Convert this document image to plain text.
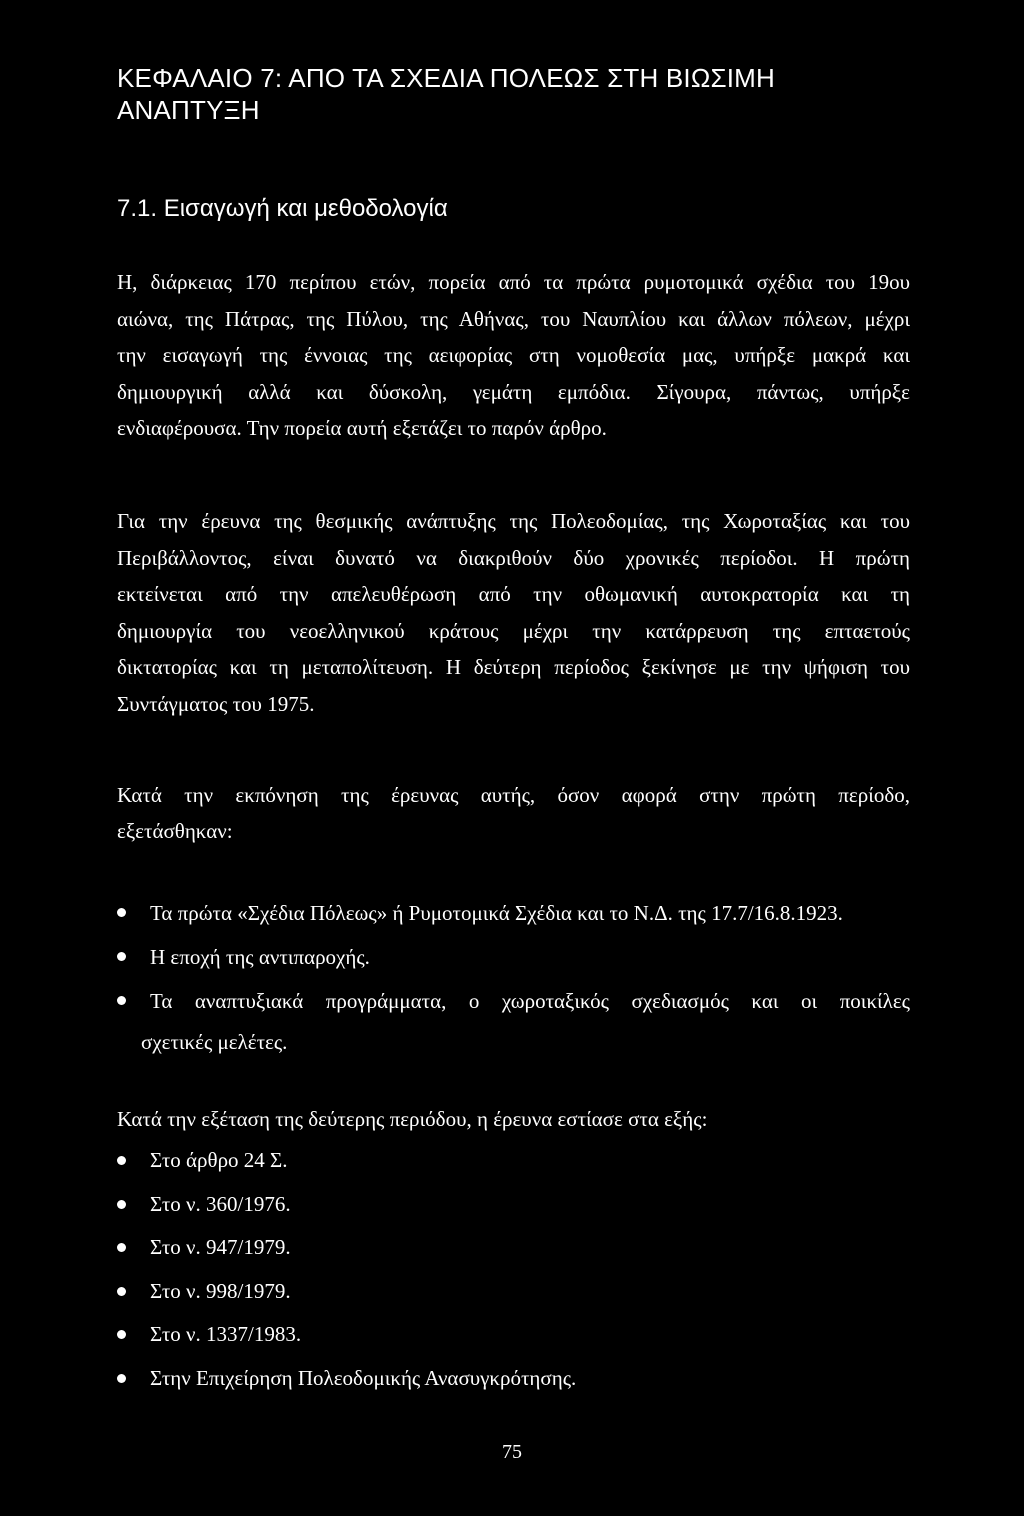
ΚΕΦΑΛΑΙΟ 7: ΑΠΟ ΤΑ ΣΧΕΔΙΑ ΠΟΛΕΩΣ ΣΤΗ ΒΙΩΣΙΜΗ
ΑΝΑΠΤΥΞΗ
7.1. Εισαγωγή και μεθοδολογία

Η, διάρκειας 170 περίπου ετών, πορεία από τα πρώτα ρυμοτομικά σχέδια του 19ου
αιώνα, της Πάτρας, της Πύλου, της Αθήνας, του Ναυπλίου και άλλων πόλεων, μέχρι
την εισαγωγή της έννοιας της αειφορίας στη νομοθεσία μας, υπήρξε μακρά και
δημιουργική αλλά και δύσκολη, γεμάτη εμπόδια. Σίγουρα, πάντως, υπήρξε
ενδιαφέρουσα. Την πορεία αυτή εξετάζει το παρόν άρθρο.

Για την έρευνα της θεσμικής ανάπτυξης της Πολεοδομίας, της Χωροταξίας και του
Περιβάλλοντος, είναι δυνατό να διακριθούν δύο χρονικές περίοδοι. Η πρώτη
εκτείνεται από την απελευθέρωση από την οθωμανική αυτοκρατορία και τη
δημιουργία του νεοελληνικού κράτους μέχρι την κατάρρευση της επταετούς
δικτατορίας και τη μεταπολίτευση. Η δεύτερη περίοδος ξεκίνησε με την ψήφιση του
Συντάγματος του 1975.

Κατά την εκπόνηση της έρευνας αυτής, όσον αφορά στην πρώτη περίοδο,
εξετάσθηκαν:

Τα πρώτα «Σχέδια Πόλεως» ή Ρυμοτομικά Σχέδια και το Ν.Δ. της 17.7/16.8.1923.
Η εποχή της αντιπαροχής.
Τα αναπτυξιακά προγράμματα, ο χωροταξικός σχεδιασμός και οι ποικίλες
σχετικές μελέτες.

Κατά την εξέταση της δεύτερης περιόδου, η έρευνα εστίασε στα εξής:

Στο άρθρο 24 Σ.
Στο ν. 360/1976.
Στο ν. 947/1979.
Στο ν. 998/1979.
Στο ν. 1337/1983.
Στην Επιχείρηση Πολεοδομικής Ανασυγκρότησης.
75
